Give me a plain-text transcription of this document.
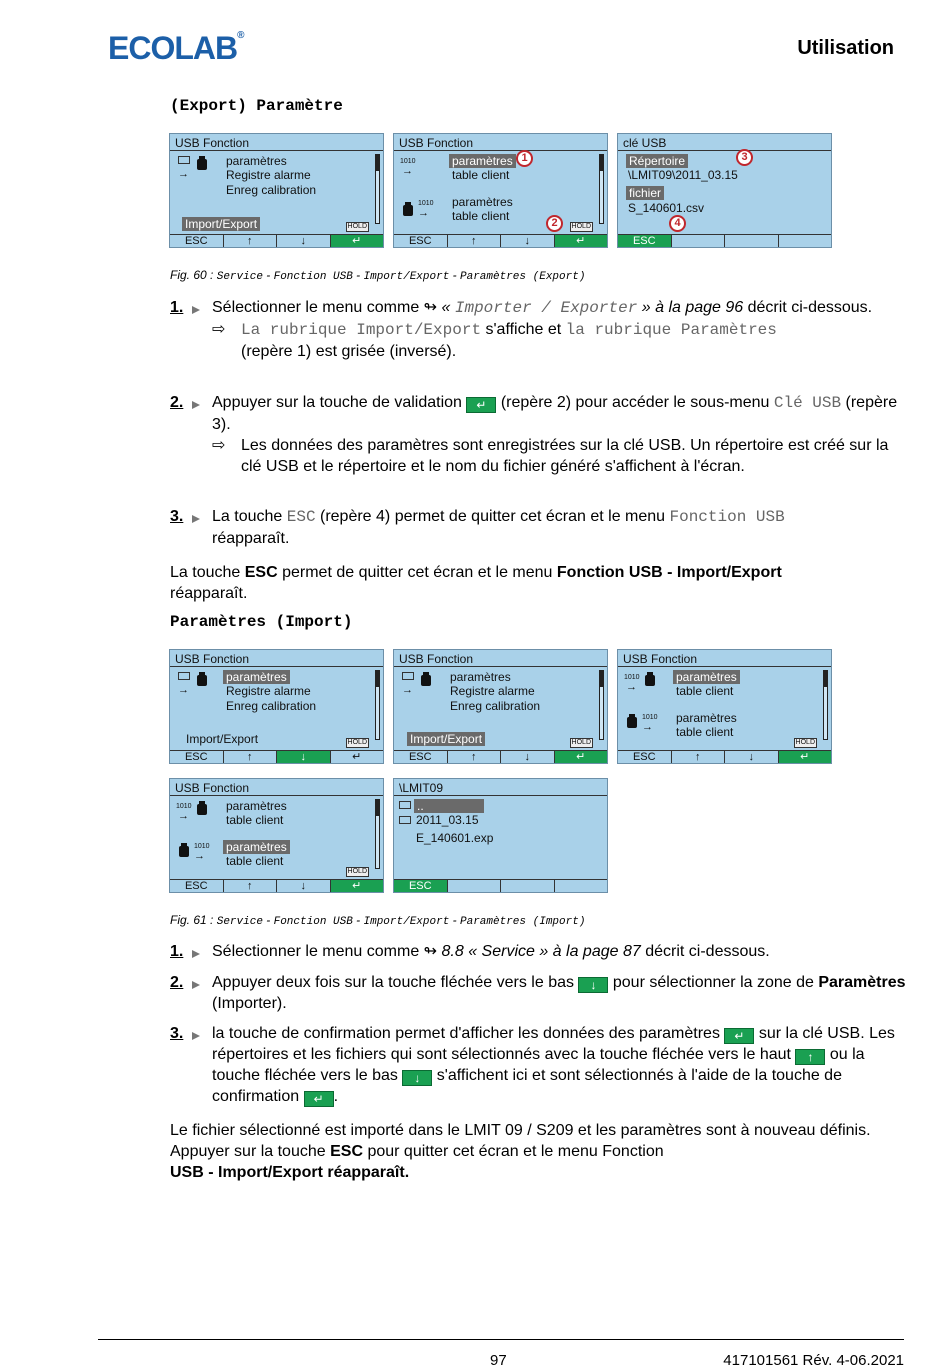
ECOLAB®
Utilisation
(Export) Paramètre
USB Fonction
→
paramètres
Registre alarme
Enreg calibration
Import/Export	HOLD
ESC	↑	↓	↵
USB Fonction
1010
→
paramètres
table client
1010
→
paramètres
table client
HOLD
ESC	↑	↓	↵
clé USB
Répertoire
\LMIT09\2011_03.15
fichier
S_140601.csv
ESC
1
2
3
4
Fig. 60 : Service - Fonction USB - Import/Export - Paramètres (Export)
1. Sélectionner le menu comme ↬ « Importer / Exporter » à la page 96 décrit ci-dessous.
⇨ La rubrique Import/Export s'affiche et la rubrique Paramètres
(repère 1) est grisée (inversé).
2. Appuyer sur la touche de validation ↵ (repère 2) pour accéder le sous-menu Clé USB (repère 3).
⇨ Les données des paramètres sont enregistrées sur la clé USB. Un répertoire est créé sur la clé USB et le répertoire et le nom du fichier généré s'affichent à l'écran.
3. La touche ESC (repère 4) permet de quitter cet écran et le menu Fonction USB
réapparaît.
La touche ESC permet de quitter cet écran et le menu Fonction USB - Import/Export
réapparaît.
Paramètres (Import)
USB Fonction
→
paramètres
Registre alarme
Enreg calibration
Import/Export	HOLD
ESC	↑	↓	↵
USB Fonction
→
paramètres
Registre alarme
Enreg calibration
Import/Export	HOLD
ESC	↑	↓	↵
USB Fonction
1010
→
paramètres
table client
1010
→
paramètres
table client
HOLD
ESC	↑	↓	↵
USB Fonction
1010
→
paramètres
table client
1010
→
paramètres
table client
HOLD
ESC	↑	↓	↵
\LMIT09
..
2011_03.15
E_140601.exp
ESC
Fig. 61 : Service - Fonction USB - Import/Export - Paramètres (Import)
1. Sélectionner le menu comme ↬ 8.8 « Service » à la page 87 décrit ci-dessous.
2. Appuyer deux fois sur la touche fléchée vers le bas ↓ pour sélectionner la zone de Paramètres (Importer).
3. la touche de confirmation permet d'afficher les données des paramètres ↵ sur la clé USB. Les répertoires et les fichiers qui sont sélectionnés avec la touche fléchée vers le haut ↑ ou la touche fléchée vers le bas ↓ s'affichent ici et sont sélectionnés à l'aide de la touche de confirmation ↵ .
Le fichier sélectionné est importé dans le LMIT 09 / S209 et les paramètres sont à nouveau définis. Appuyer sur la touche ESC pour quitter cet écran et le menu Fonction
USB - Import/Export réapparaît.
97	417101561 Rév. 4-06.2021
